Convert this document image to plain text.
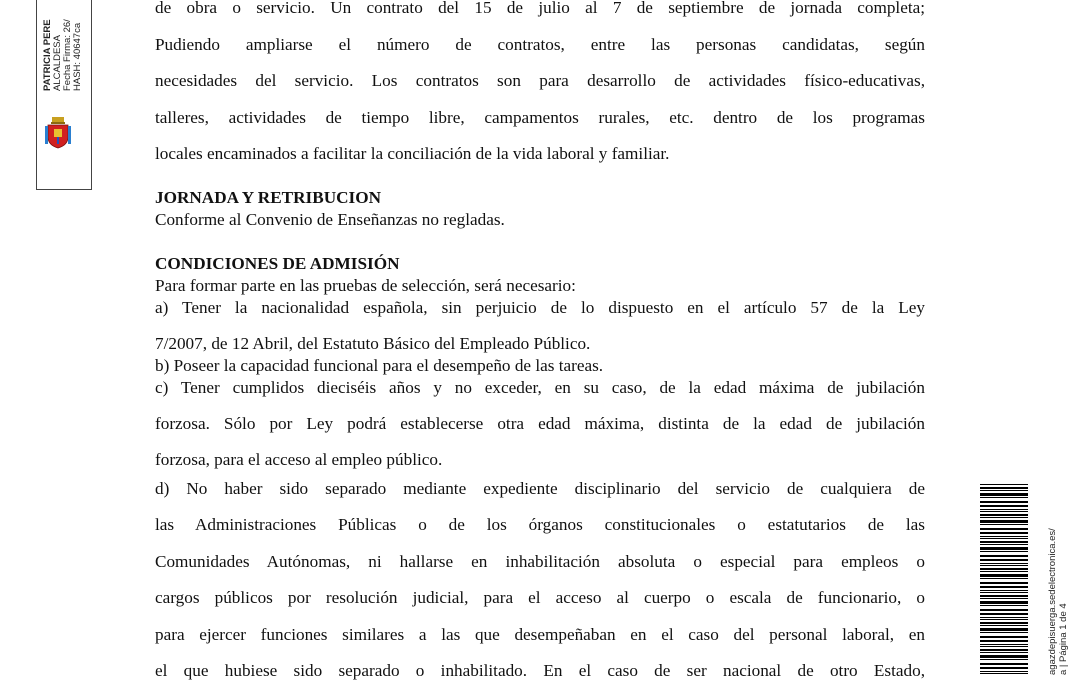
PATRICIA PERE ALCALDESA Fecha Firma: 26/ HASH: 40647ca
agazdepisuerga.sedelectronica.es/ a | Página 1 de 4

de obra o servicio. Un contrato del 15 de julio al 7 de septiembre de jornada completa;

Pudiendo ampliarse el número de contratos, entre las personas candidatas, según

necesidades del servicio. Los contratos son para desarrollo de actividades físico-educativas,

talleres, actividades de tiempo libre, campamentos rurales, etc. dentro de los programas

locales encaminados a facilitar la conciliación de la vida laboral y familiar.

JORNADA Y RETRIBUCION

Conforme al Convenio de Enseñanzas no regladas.

CONDICIONES DE ADMISIÓN

Para formar parte en las pruebas de selección, será necesario:

a) Tener la nacionalidad española, sin perjuicio de lo dispuesto en el artículo 57 de la Ley

7/2007, de 12 Abril, del Estatuto Básico del Empleado Público.

b) Poseer la capacidad funcional para el desempeño de las tareas.

c) Tener cumplidos dieciséis años y no exceder, en su caso, de la edad máxima de jubilación

forzosa. Sólo por Ley podrá establecerse otra edad máxima, distinta de la edad de jubilación

forzosa, para el acceso al empleo público.

d) No haber sido separado mediante expediente disciplinario del servicio de cualquiera de

las Administraciones Públicas o de los órganos constitucionales o estatutarios de las

Comunidades Autónomas, ni hallarse en inhabilitación absoluta o especial para empleos o

cargos públicos por resolución judicial, para el acceso al cuerpo o escala de funcionario, o

para ejercer funciones similares a las que desempeñaban en el caso del personal laboral, en

el que hubiese sido separado o inhabilitado. En el caso de ser nacional de otro Estado,
